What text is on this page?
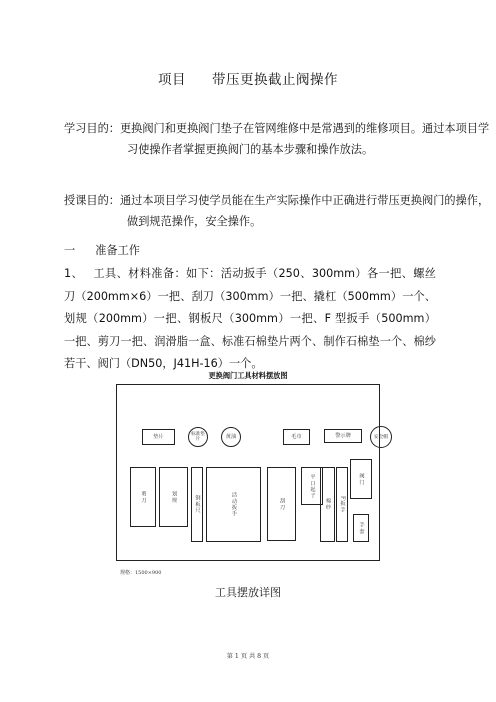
项目 带压更换截止阀操作
学习目的：更换阀门和更换阀门垫子在管网维修中是常遇到的维修项目。通过本项目学习使操作者掌握更换阀门的基本步骤和操作放法。
授课目的：通过本项目学习使学员能在生产实际操作中正确进行带压更换阀门的操作，做到规范操作，安全操作。
一 准备工作
1、 工具、材料准备：如下：活动扳手（250、300mm）各一把、螺丝刀（200mm×6）一把、刮刀（300mm）一把、撬杠（500mm）一个、划规（200mm）一把、钢板尺（300mm）一把、F 型扳手（500mm）一把、剪刀一把、润滑脂一盒、标准石棉垫片两个、制作石棉垫一个、棉纱若干、阀门（DN50，J41H-16）一个。
更换阀门工具材料摆放图
垫片	标准垫片	黄油	毛巾	警示牌	安全帽
剪刀	划规	钢板尺	活动扳手	刮刀
平口起子
棉纱	F扳手
阀门
手套
规格：1500×900
工具摆放详图
第 1 页 共 8 页
